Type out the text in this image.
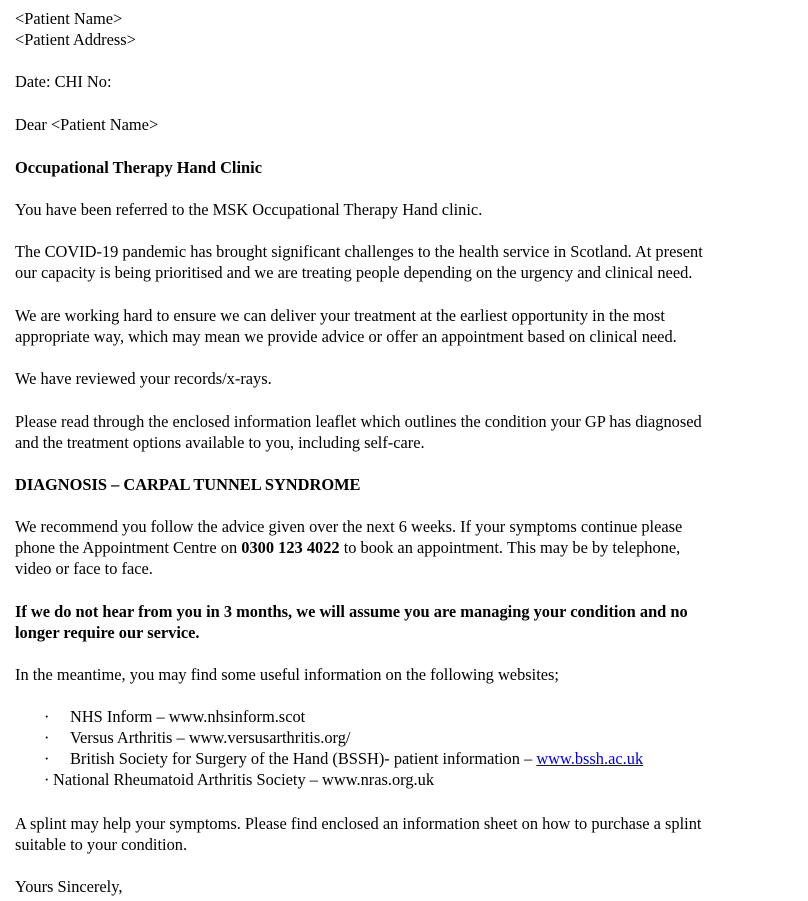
<Patient Name>
<Patient Address>
Date: CHI No:
Dear <Patient Name>
Occupational Therapy Hand Clinic
You have been referred to the MSK Occupational Therapy Hand clinic.
The COVID-19 pandemic has brought significant challenges to the health service in Scotland. At present
our capacity is being prioritised and we are treating people depending on the urgency and clinical need.
We are working hard to ensure we can deliver your treatment at the earliest opportunity in the most
appropriate way, which may mean we provide advice or offer an appointment based on clinical need.
We have reviewed your records/x-rays.
Please read through the enclosed information leaflet which outlines the condition your GP has diagnosed
and the treatment options available to you, including self-care.
DIAGNOSIS – CARPAL TUNNEL SYNDROME
We recommend you follow the advice given over the next 6 weeks. If your symptoms continue please
phone the Appointment Centre on 0300 123 4022 to book an appointment. This may be by telephone,
video or face to face.
If we do not hear from you in 3 months, we will assume you are managing your condition and no
longer require our service.
In the meantime, you may find some useful information on the following websites;
· NHS Inform – www.nhsinform.scot
· Versus Arthritis – www.versusarthritis.org/
· British Society for Surgery of the Hand (BSSH)- patient information – www.bssh.ac.uk
· National Rheumatoid Arthritis Society – www.nras.org.uk
A splint may help your symptoms. Please find enclosed an information sheet on how to purchase a splint
suitable to your condition.
Yours Sincerely,
